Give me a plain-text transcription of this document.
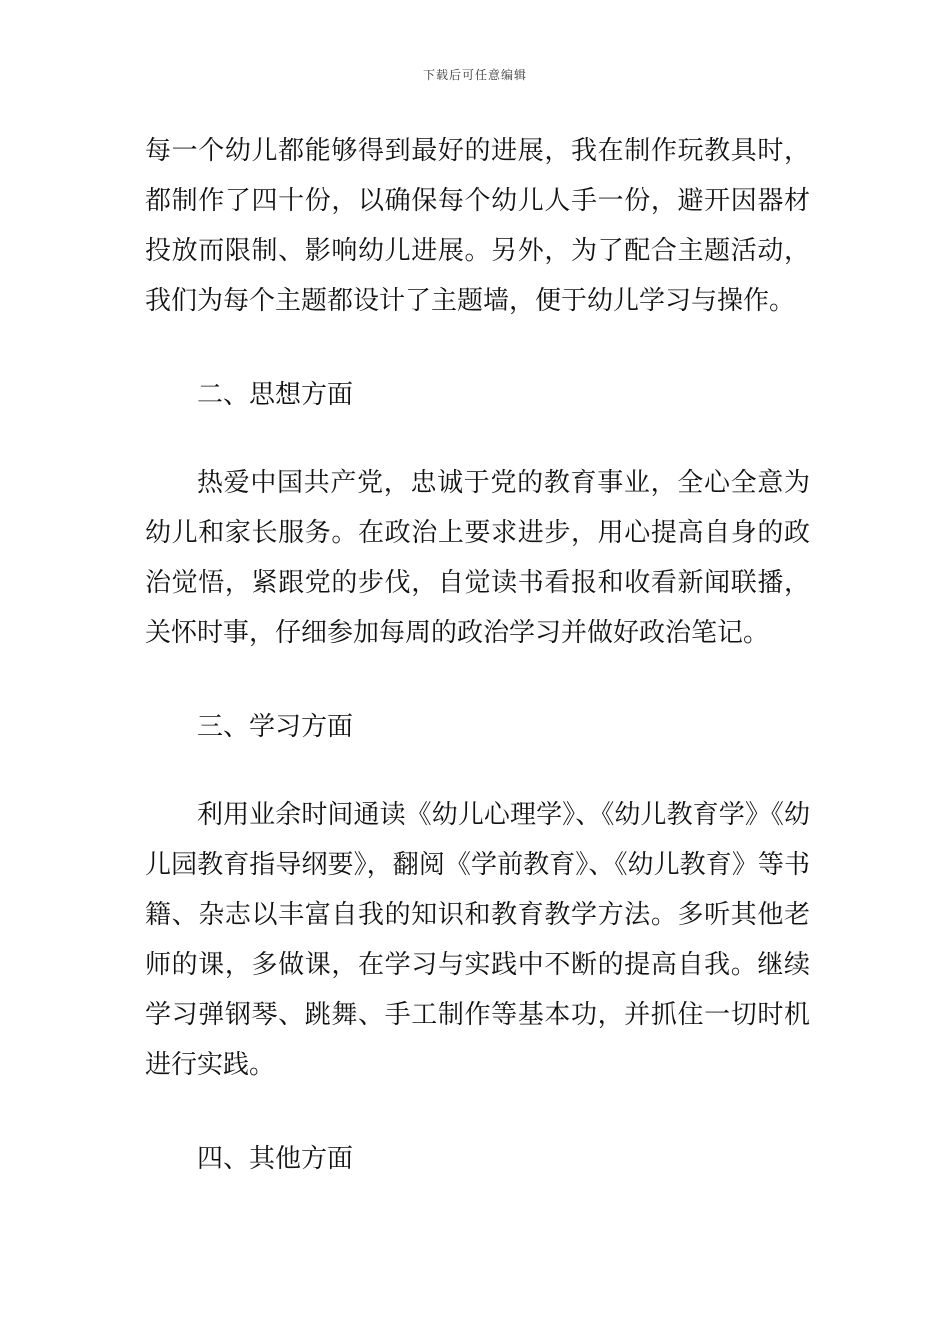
下载后可任意编辑

每一个幼儿都能够得到最好的进展，我在制作玩教具时，都制作了四十份，以确保每个幼儿人手一份，避开因器材投放而限制、影响幼儿进展。另外，为了配合主题活动，我们为每个主题都设计了主题墙，便于幼儿学习与操作。

二、思想方面

热爱中国共产党，忠诚于党的教育事业，全心全意为幼儿和家长服务。在政治上要求进步，用心提高自身的政治觉悟，紧跟党的步伐，自觉读书看报和收看新闻联播，关怀时事，仔细参加每周的政治学习并做好政治笔记。

三、学习方面

利用业余时间通读《幼儿心理学》、《幼儿教育学》《幼儿园教育指导纲要》，翻阅《学前教育》、《幼儿教育》等书籍、杂志以丰富自我的知识和教育教学方法。多听其他老师的课，多做课，在学习与实践中不断的提高自我。继续学习弹钢琴、跳舞、手工制作等基本功，并抓住一切时机进行实践。

四、其他方面
